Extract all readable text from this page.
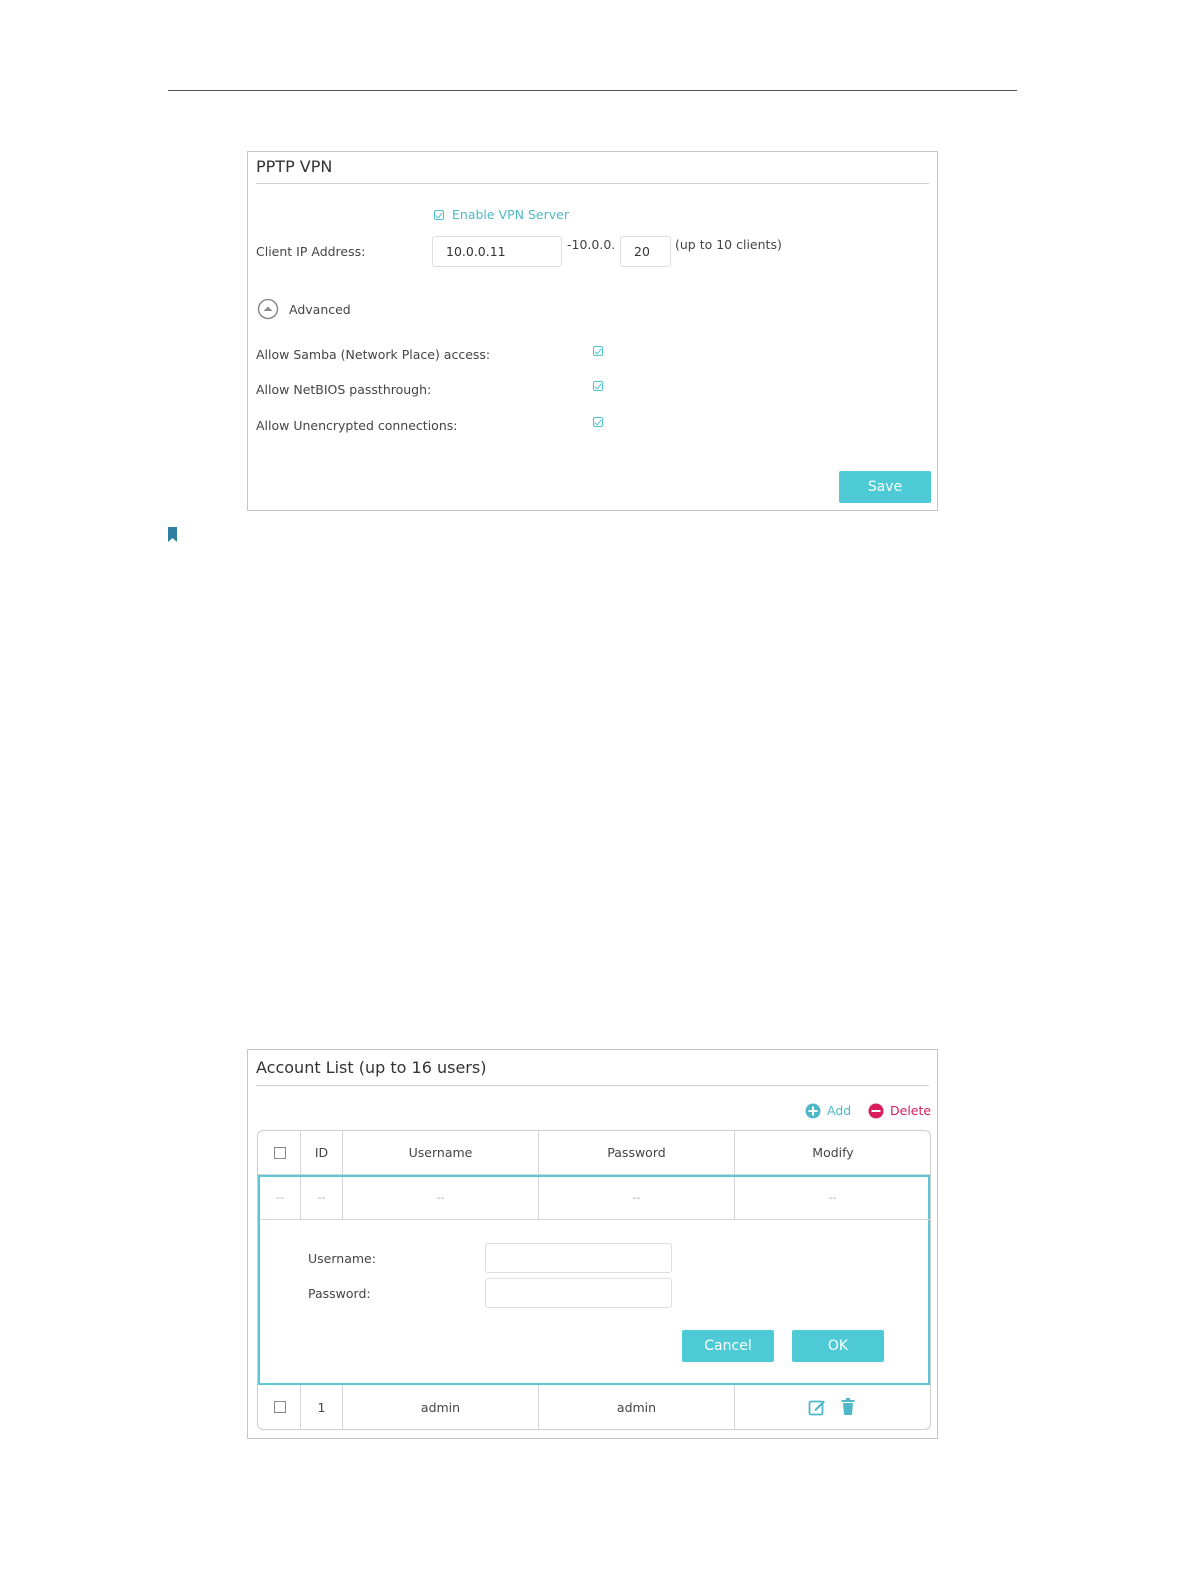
PPTP VPN
Enable VPN Server
Client IP Address:	10.0.0.11	-10.0.0.	20	(up to 10 clients)
Advanced
Allow Samba (Network Place) access:
Allow NetBIOS passthrough:
Allow Unencrypted connections:
Save
Account List (up to 16 users)
Add	Delete
ID	Username	Password	Modify
--	--	--	--	--
Username:
Password:
Cancel	OK
1	admin	admin
